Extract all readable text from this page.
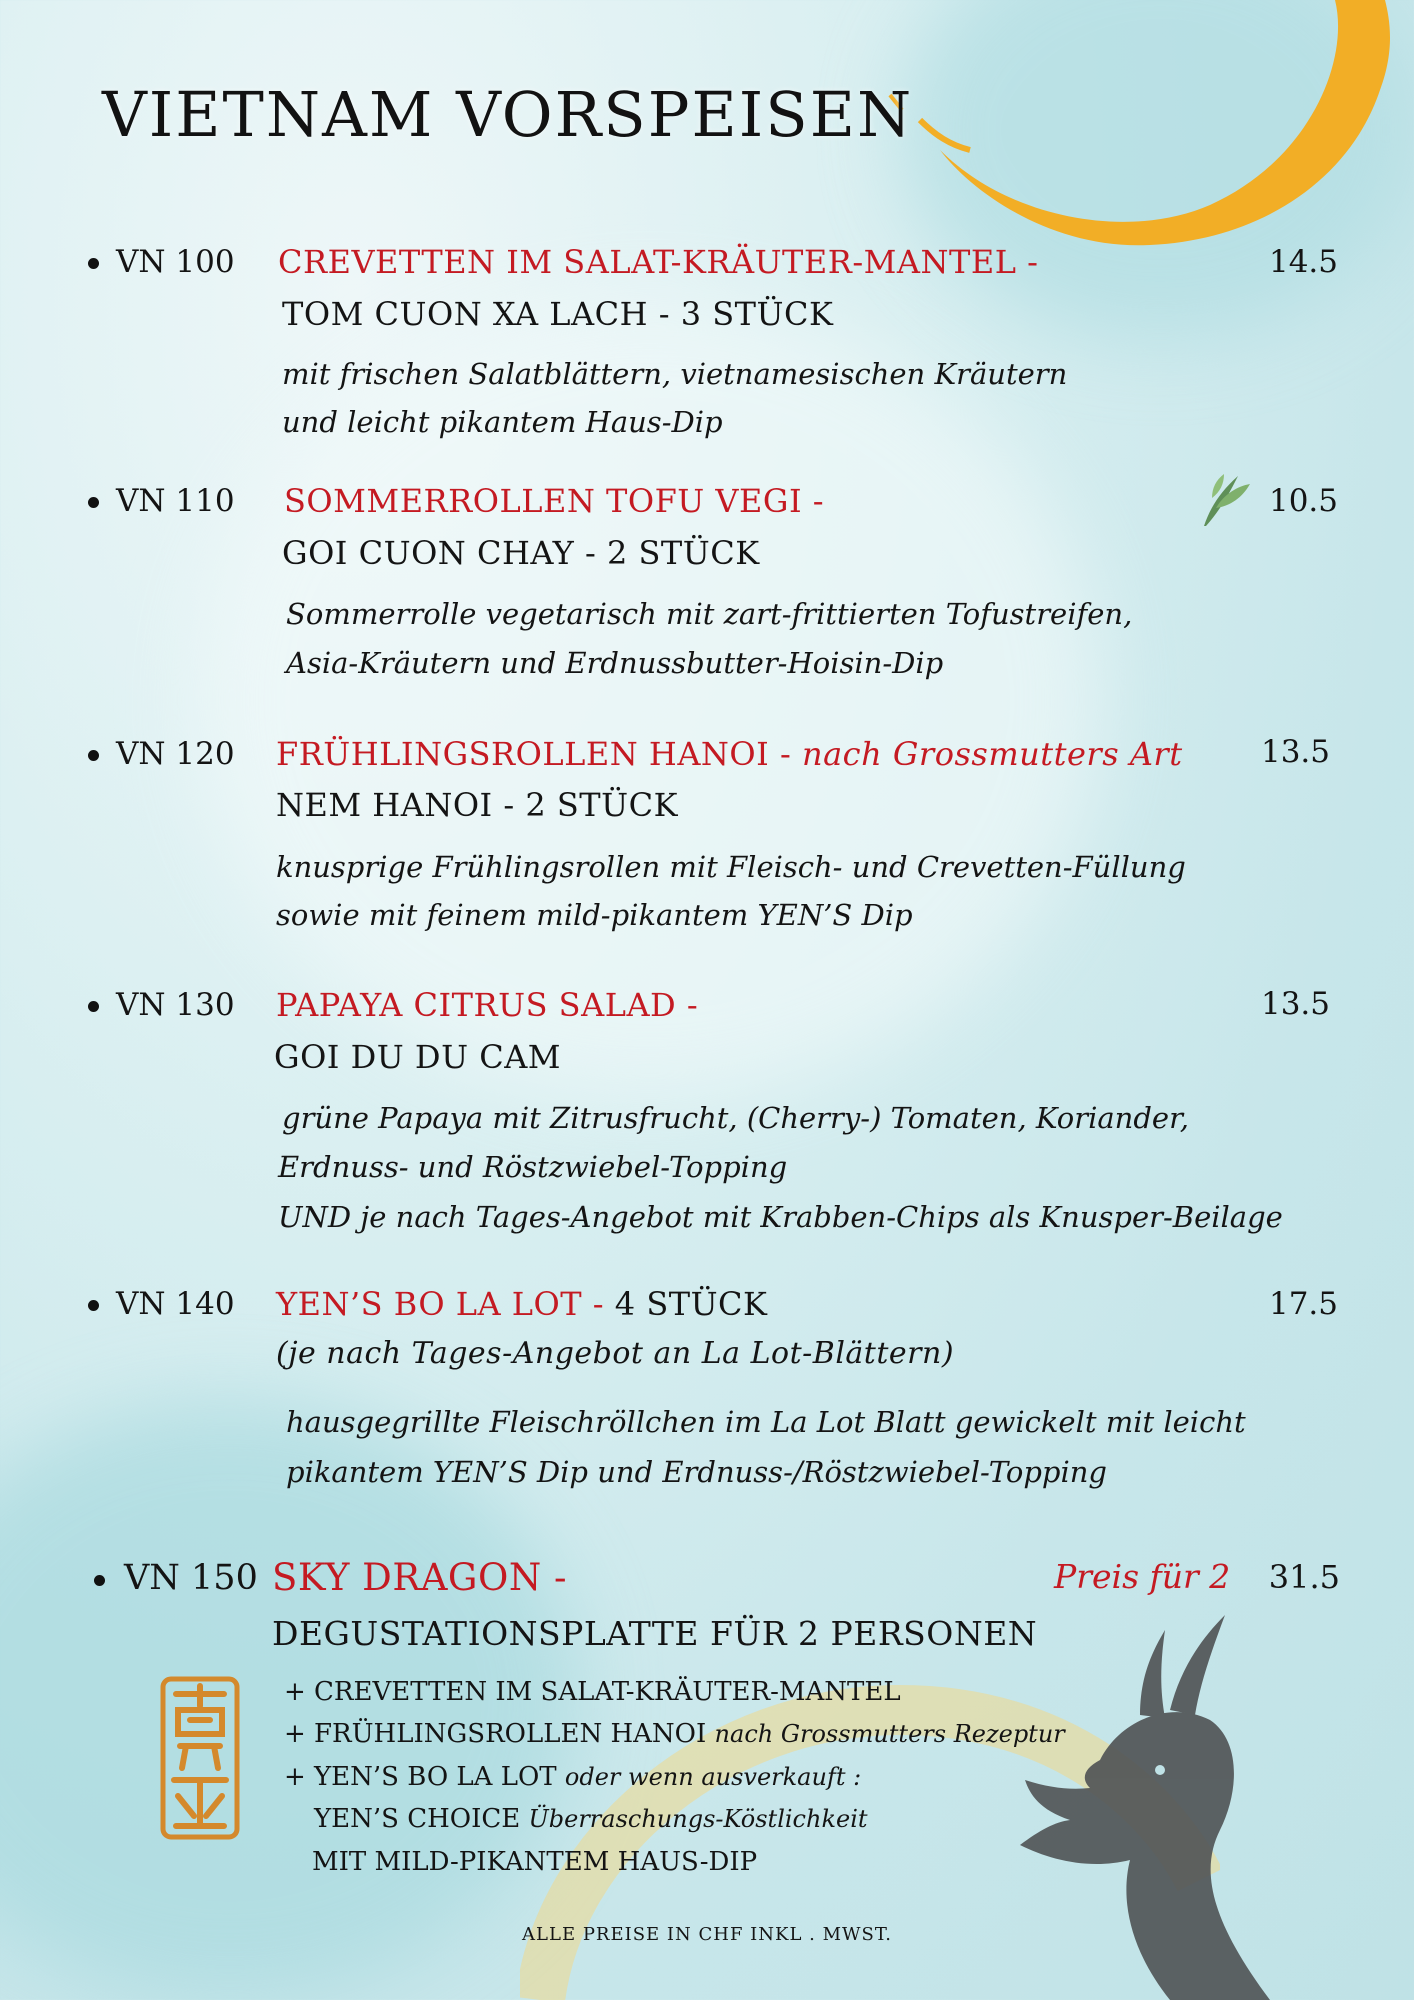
VIETNAM VORSPEISEN
VN 100 CREVETTEN IM SALAT-KRÄUTER-MANTEL -
TOM CUON XA LACH - 3 STÜCK
mit frischen Salatblättern, vietnamesischen Kräutern
und leicht pikantem Haus-Dip
14.5
VN 110 SOMMERROLLEN TOFU VEGI -
GOI CUON CHAY - 2 STÜCK
Sommerrolle vegetarisch mit zart-frittierten Tofustreifen,
Asia-Kräutern und Erdnussbutter-Hoisin-Dip
10.5
VN 120 FRÜHLINGSROLLEN HANOI - nach Grossmutters Art
NEM HANOI - 2 STÜCK
knusprige Frühlingsrollen mit Fleisch- und Crevetten-Füllung
sowie mit feinem mild-pikantem YEN’S Dip
13.5
VN 130 PAPAYA CITRUS SALAD -
GOI DU DU CAM
grüne Papaya mit Zitrusfrucht, (Cherry-) Tomaten, Koriander,
Erdnuss- und Röstzwiebel-Topping
UND je nach Tages-Angebot mit Krabben-Chips als Knusper-Beilage
13.5
VN 140 YEN’S BO LA LOT - 4 STÜCK
(je nach Tages-Angebot an La Lot-Blättern)
hausgegrillte Fleischröllchen im La Lot Blatt gewickelt mit leicht
pikantem YEN’S Dip und Erdnuss-/Röstzwiebel-Topping
17.5
VN 150 SKY DRAGON -
DEGUSTATIONSPLATTE FÜR 2 PERSONEN
Preis für 2	31.5
+ CREVETTEN IM SALAT-KRÄUTER-MANTEL
+ FRÜHLINGSROLLEN HANOI nach Grossmutters Rezeptur
+ YEN’S BO LA LOT oder wenn ausverkauft :
YEN’S CHOICE Überraschungs-Köstlichkeit
MIT MILD-PIKANTEM HAUS-DIP
ALLE PREISE IN CHF INKL . MWST.
